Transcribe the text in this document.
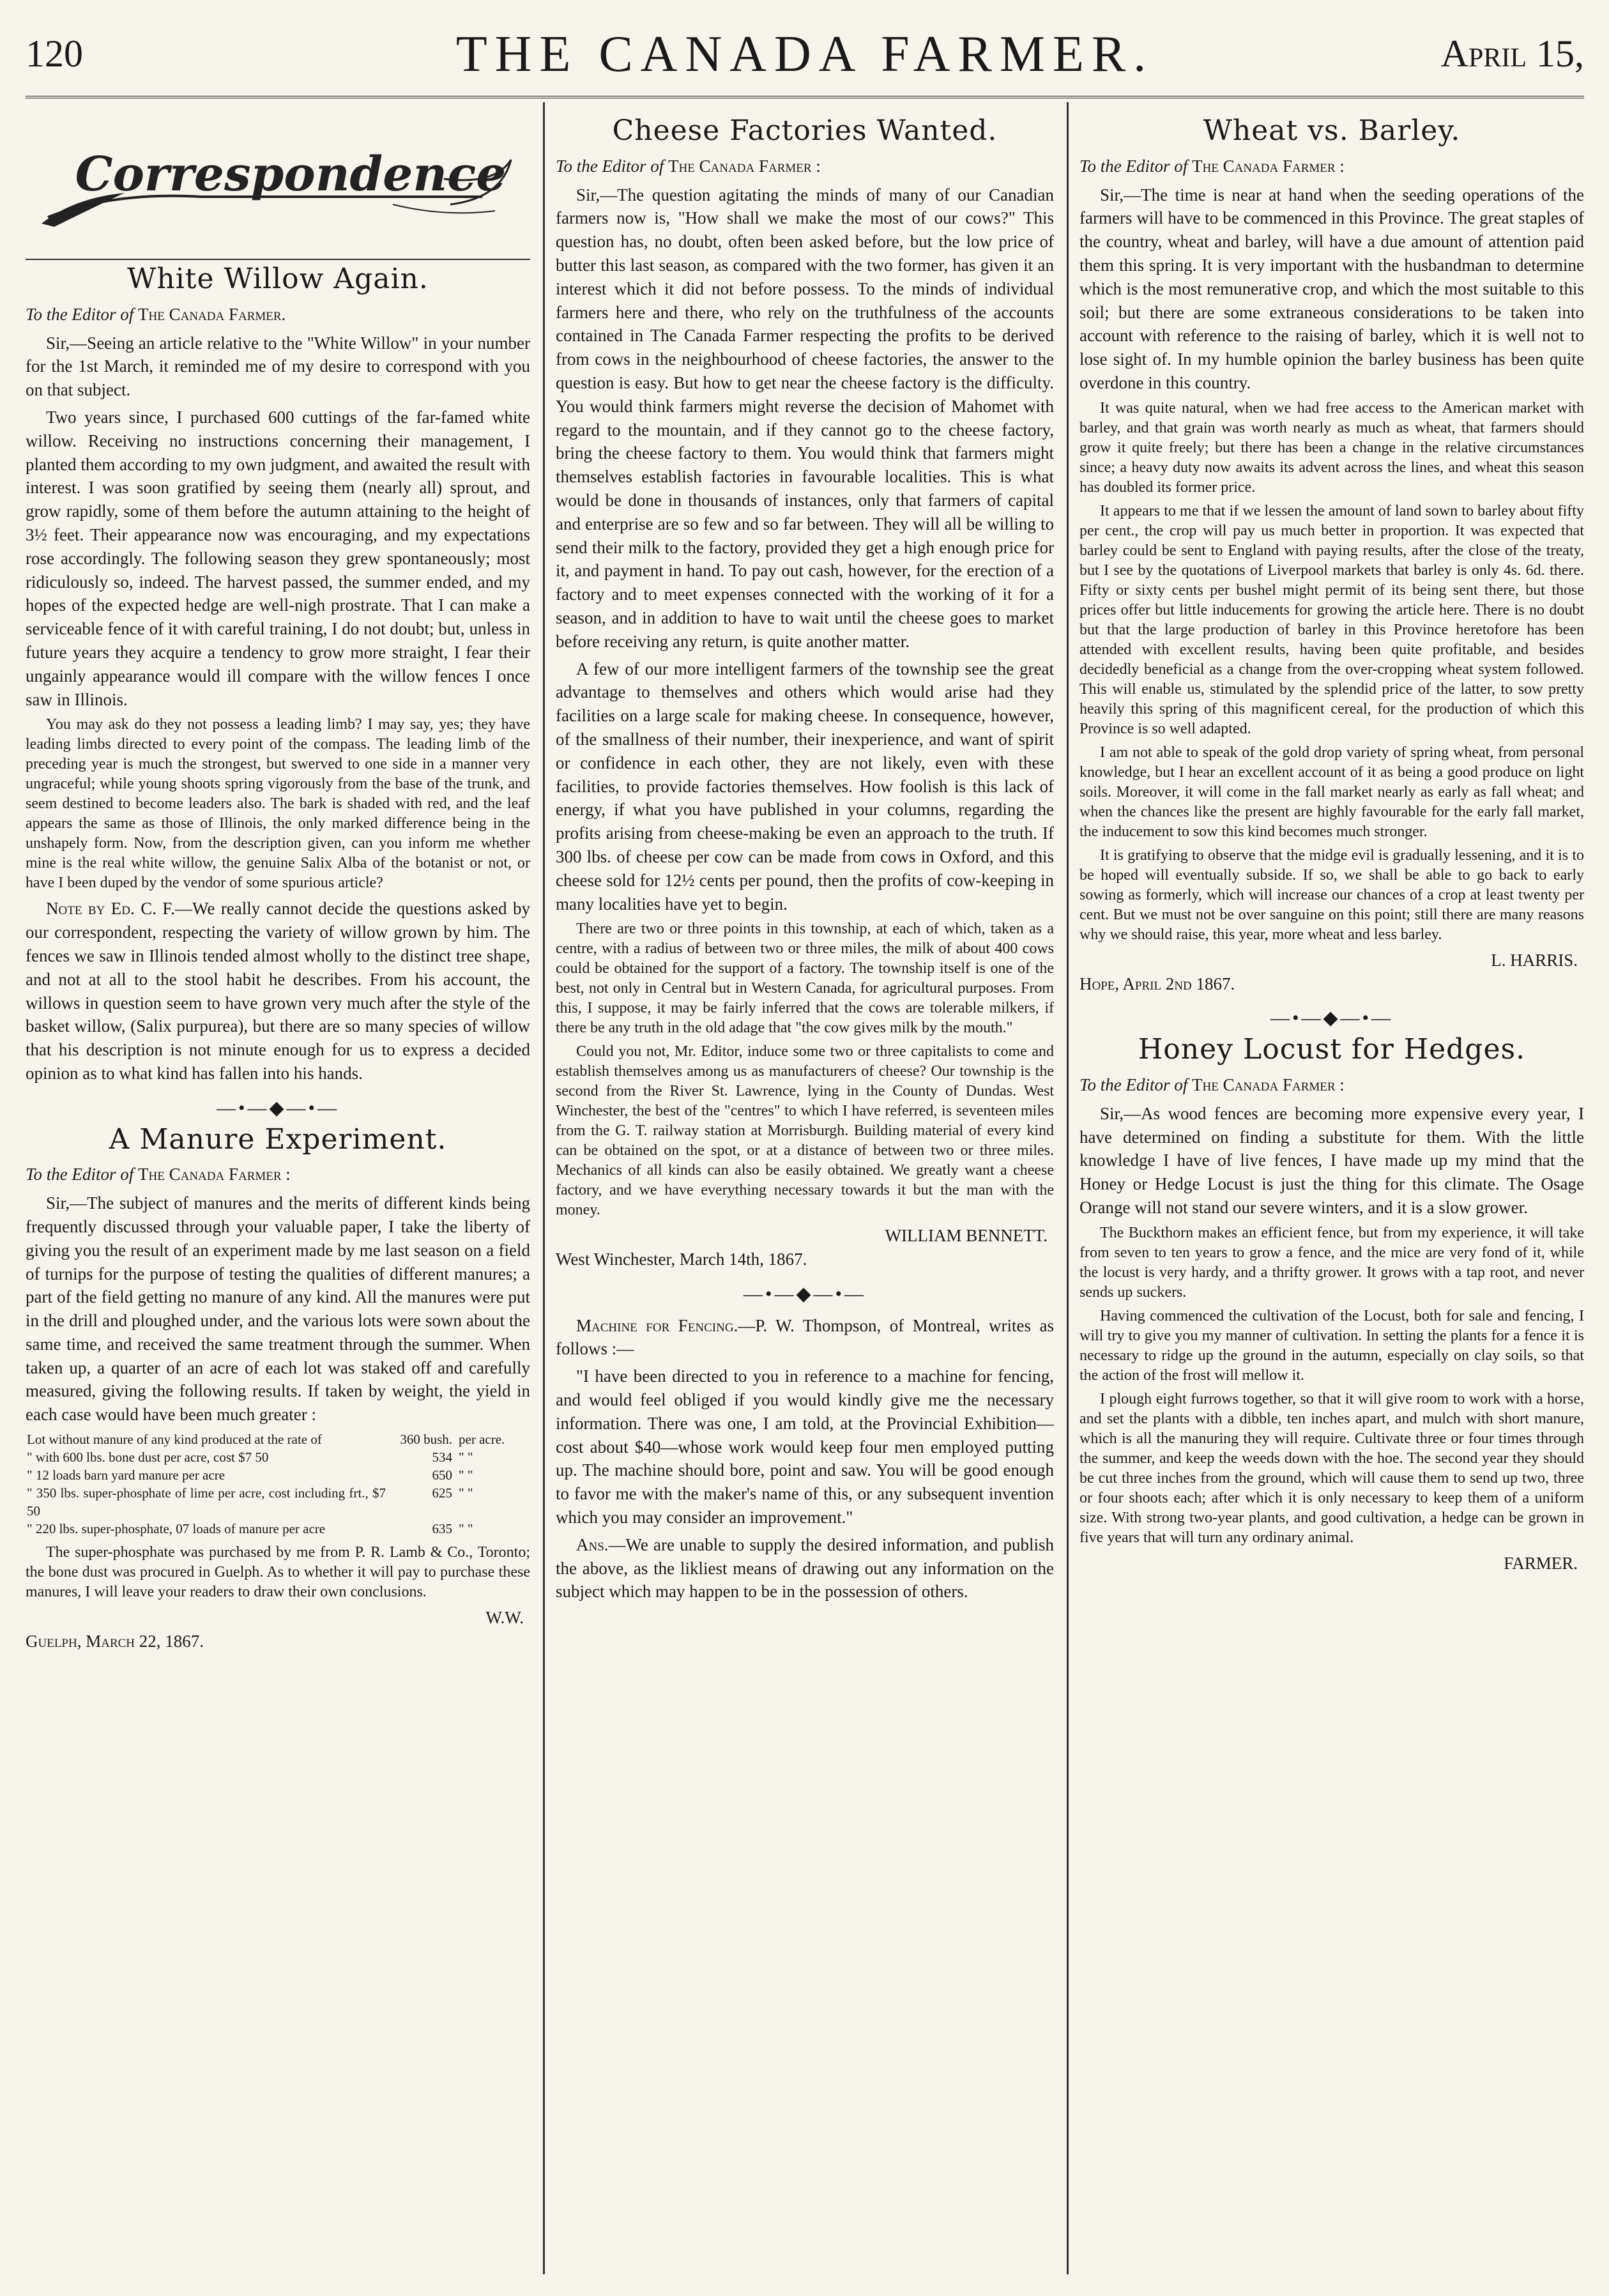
120	THE CANADA FARMER.	April 15,
Correspondence
White Willow Again.
To the Editor of The Canada Farmer.

Sir,—Seeing an article relative to the "White Willow" in your number for the 1st March, it reminded me of my desire to correspond with you on that subject.

Two years since, I purchased 600 cuttings of the far-famed white willow. Receiving no instructions concerning their management, I planted them according to my own judgment, and awaited the result with interest. I was soon gratified by seeing them (nearly all) sprout, and grow rapidly, some of them before the autumn attaining to the height of 3½ feet. Their appearance now was encouraging, and my expectations rose accordingly. The following season they grew spontaneously; most ridiculously so, indeed. The harvest passed, the summer ended, and my hopes of the expected hedge are well-nigh prostrate. That I can make a serviceable fence of it with careful training, I do not doubt; but, unless in future years they acquire a tendency to grow more straight, I fear their ungainly appearance would ill compare with the willow fences I once saw in Illinois.

You may ask do they not possess a leading limb? I may say, yes; they have leading limbs directed to every point of the compass. The leading limb of the preceding year is much the strongest, but swerved to one side in a manner very ungraceful; while young shoots spring vigorously from the base of the trunk, and seem destined to become leaders also. The bark is shaded with red, and the leaf appears the same as those of Illinois, the only marked difference being in the unshapely form. Now, from the description given, can you inform me whether mine is the real white willow, the genuine Salix Alba of the botanist or not, or have I been duped by the vendor of some spurious article?

Note by Ed. C. F.—We really cannot decide the questions asked by our correspondent, respecting the variety of willow grown by him. The fences we saw in Illinois tended almost wholly to the distinct tree shape, and not at all to the stool habit he describes. From his account, the willows in question seem to have grown very much after the style of the basket willow, (Salix purpurea), but there are so many species of willow that his description is not minute enough for us to express a decided opinion as to what kind has fallen into his hands.

—•—◆—•—
A Manure Experiment.
To the Editor of The Canada Farmer :

Sir,—The subject of manures and the merits of different kinds being frequently discussed through your valuable paper, I take the liberty of giving you the result of an experiment made by me last season on a field of turnips for the purpose of testing the qualities of different manures; a part of the field getting no manure of any kind. All the manures were put in the drill and ploughed under, and the various lots were sown about the same time, and received the same treatment through the summer. When taken up, a quarter of an acre of each lot was staked off and carefully measured, giving the following results. If taken by weight, the yield in each case would have been much greater :

Lot without manure of any kind produced at the rate of	360 bush.	per acre.
" with 600 lbs. bone dust per acre, cost $7 50	534	" "
" 12 loads barn yard manure per acre	650	" "
" 350 lbs. super-phosphate of lime per acre, cost including frt., $7 50	625	" "
" 220 lbs. super-phosphate, 07 loads of manure per acre	635	" "

The super-phosphate was purchased by me from P. R. Lamb & Co., Toronto; the bone dust was procured in Guelph. As to whether it will pay to purchase these manures, I will leave your readers to draw their own conclusions.

W.W.

Guelph, March 22, 1867.

Cheese Factories Wanted.
To the Editor of The Canada Farmer :

Sir,—The question agitating the minds of many of our Canadian farmers now is, "How shall we make the most of our cows?" This question has, no doubt, often been asked before, but the low price of butter this last season, as compared with the two former, has given it an interest which it did not before possess. To the minds of individual farmers here and there, who rely on the truthfulness of the accounts contained in The Canada Farmer respecting the profits to be derived from cows in the neighbourhood of cheese factories, the answer to the question is easy. But how to get near the cheese factory is the difficulty. You would think farmers might reverse the decision of Mahomet with regard to the mountain, and if they cannot go to the cheese factory, bring the cheese factory to them. You would think that farmers might themselves establish factories in favourable localities. This is what would be done in thousands of instances, only that farmers of capital and enterprise are so few and so far between. They will all be willing to send their milk to the factory, provided they get a high enough price for it, and payment in hand. To pay out cash, however, for the erection of a factory and to meet expenses connected with the working of it for a season, and in addition to have to wait until the cheese goes to market before receiving any return, is quite another matter.

A few of our more intelligent farmers of the township see the great advantage to themselves and others which would arise had they facilities on a large scale for making cheese. In consequence, however, of the smallness of their number, their inexperience, and want of spirit or confidence in each other, they are not likely, even with these facilities, to provide factories themselves. How foolish is this lack of energy, if what you have published in your columns, regarding the profits arising from cheese-making be even an approach to the truth. If 300 lbs. of cheese per cow can be made from cows in Oxford, and this cheese sold for 12½ cents per pound, then the profits of cow-keeping in many localities have yet to begin.

There are two or three points in this township, at each of which, taken as a centre, with a radius of between two or three miles, the milk of about 400 cows could be obtained for the support of a factory. The township itself is one of the best, not only in Central but in Western Canada, for agricultural purposes. From this, I suppose, it may be fairly inferred that the cows are tolerable milkers, if there be any truth in the old adage that "the cow gives milk by the mouth."

Could you not, Mr. Editor, induce some two or three capitalists to come and establish themselves among us as manufacturers of cheese? Our township is the second from the River St. Lawrence, lying in the County of Dundas. West Winchester, the best of the "centres" to which I have referred, is seventeen miles from the G. T. railway station at Morrisburgh. Building material of every kind can be obtained on the spot, or at a distance of between two or three miles. Mechanics of all kinds can also be easily obtained. We greatly want a cheese factory, and we have everything necessary towards it but the man with the money.

WILLIAM BENNETT.

West Winchester, March 14th, 1867.

—•—◆—•—

Machine for Fencing.—P. W. Thompson, of Montreal, writes as follows :—

"I have been directed to you in reference to a machine for fencing, and would feel obliged if you would kindly give me the necessary information. There was one, I am told, at the Provincial Exhibition—cost about $40—whose work would keep four men employed putting up. The machine should bore, point and saw. You will be good enough to favor me with the maker's name of this, or any subsequent invention which you may consider an improvement."

Ans.—We are unable to supply the desired information, and publish the above, as the likliest means of drawing out any information on the subject which may happen to be in the possession of others.

Wheat vs. Barley.
To the Editor of The Canada Farmer :

Sir,—The time is near at hand when the seeding operations of the farmers will have to be commenced in this Province. The great staples of the country, wheat and barley, will have a due amount of attention paid them this spring. It is very important with the husbandman to determine which is the most remunerative crop, and which the most suitable to this soil; but there are some extraneous considerations to be taken into account with reference to the raising of barley, which it is well not to lose sight of. In my humble opinion the barley business has been quite overdone in this country.

It was quite natural, when we had free access to the American market with barley, and that grain was worth nearly as much as wheat, that farmers should grow it quite freely; but there has been a change in the relative circumstances since; a heavy duty now awaits its advent across the lines, and wheat this season has doubled its former price.

It appears to me that if we lessen the amount of land sown to barley about fifty per cent., the crop will pay us much better in proportion. It was expected that barley could be sent to England with paying results, after the close of the treaty, but I see by the quotations of Liverpool markets that barley is only 4s. 6d. there. Fifty or sixty cents per bushel might permit of its being sent there, but those prices offer but little inducements for growing the article here. There is no doubt but that the large production of barley in this Province heretofore has been attended with excellent results, having been quite profitable, and besides decidedly beneficial as a change from the over-cropping wheat system followed. This will enable us, stimulated by the splendid price of the latter, to sow pretty heavily this spring of this magnificent cereal, for the production of which this Province is so well adapted.

I am not able to speak of the gold drop variety of spring wheat, from personal knowledge, but I hear an excellent account of it as being a good produce on light soils. Moreover, it will come in the fall market nearly as early as fall wheat; and when the chances like the present are highly favourable for the early fall market, the inducement to sow this kind becomes much stronger.

It is gratifying to observe that the midge evil is gradually lessening, and it is to be hoped will eventually subside. If so, we shall be able to go back to early sowing as formerly, which will increase our chances of a crop at least twenty per cent. But we must not be over sanguine on this point; still there are many reasons why we should raise, this year, more wheat and less barley.

L. HARRIS.

Hope, April 2nd 1867.

—•—◆—•—
Honey Locust for Hedges.
To the Editor of The Canada Farmer :

Sir,—As wood fences are becoming more expensive every year, I have determined on finding a substitute for them. With the little knowledge I have of live fences, I have made up my mind that the Honey or Hedge Locust is just the thing for this climate. The Osage Orange will not stand our severe winters, and it is a slow grower.

The Buckthorn makes an efficient fence, but from my experience, it will take from seven to ten years to grow a fence, and the mice are very fond of it, while the locust is very hardy, and a thrifty grower. It grows with a tap root, and never sends up suckers.

Having commenced the cultivation of the Locust, both for sale and fencing, I will try to give you my manner of cultivation. In setting the plants for a fence it is necessary to ridge up the ground in the autumn, especially on clay soils, so that the action of the frost will mellow it.

I plough eight furrows together, so that it will give room to work with a horse, and set the plants with a dibble, ten inches apart, and mulch with short manure, which is all the manuring they will require. Cultivate three or four times through the summer, and keep the weeds down with the hoe. The second year they should be cut three inches from the ground, which will cause them to send up two, three or four shoots each; after which it is only necessary to keep them of a uniform size. With strong two-year plants, and good cultivation, a hedge can be grown in five years that will turn any ordinary animal.

FARMER.
